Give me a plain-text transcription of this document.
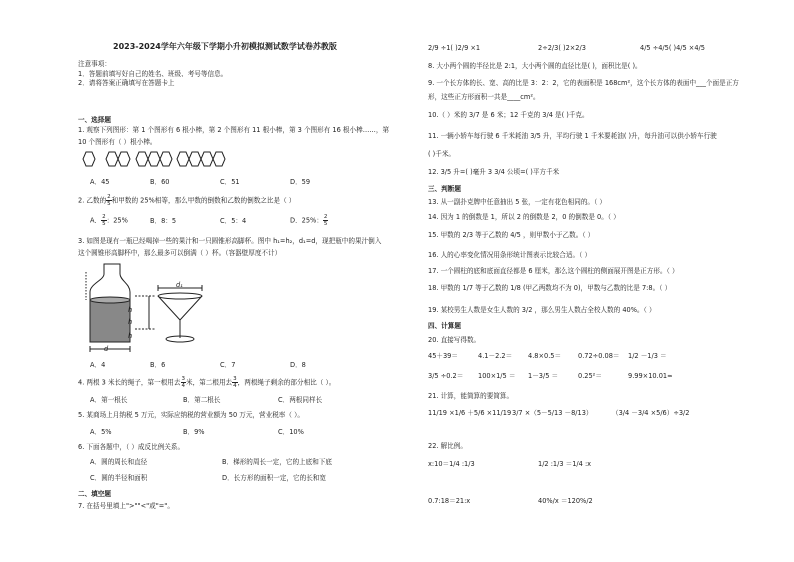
2023-2024学年六年级下学期小升初模拟测试数学试卷苏教版
注意事项：
1．答题前填写好自己的姓名、班级、考号等信息。
2．请将答案正确填写在答题卡上
一、选择题
1. 观察下列图形：第 1 个图形有 6 根小棒，第 2 个图形有 11 根小棒，第 3 个图形有 16 根小棒……，第
10 个图形有（ ）根小棒。
A．45	B．60	C．51	D．59
2. 乙数的 $\frac{2}{5}$ 和甲数的 25%相等，那么甲数的倒数和乙数的倒数之比是（ ）
A． $\frac{2}{5}$ ：25%	B．8：5	C．5：4	D．25%： $\frac{2}{5}$
3. 如图是现有一瓶已经喝掉一些的果汁和一只圆锥形高脚杯。图中 h₁=h₂，d₁=d，现把瓶中的果汁倒入
这个圆锥形高脚杯中，那么最多可以倒满（ ）杯。（容器壁厚度不计）
d
d₁
h
h
h
A．4	B．6	C．7	D．8
4. 两根 3 米长的绳子，第一根用去 $\frac{3}{4}$ 米，第二根用去 $\frac{3}{4}$ ，两根绳子剩余的部分相比（ ）。
A．第一根长	B．第二根长	C．两根同样长
5. 某商场上月纳税 5 万元，实际应纳税的营业额为 50 万元，营业税率（ ）。
A．5%	B．9%	C．10%
6. 下面各题中，（ ）成反比例关系。
A．圆的周长和直径	B．梯形的周长一定，它的上底和下底
C．圆的半径和面积	D．长方形的面积一定，它的长和宽
二、填空题
7. 在括号里填上">""<"或"="。
2/9 ÷1( )2/9 ×1	2÷2/3( )2×2/3	4/5 ÷4/5( )4/5 ×4/5
8. 大小两个圆的半径比是 2:1，大小两个圆的直径比是( )，面积比是( )。
9. 一个长方体的长、宽、高的比是 3：2：2，它的表面积是 168cm²，这个长方体的表面中___个面是正方
形，这些正方形面积一共是____cm²。
10.（ ）米的 3/7 是 6 米；12 千克的 3/4 是( )千克。
11. 一辆小轿车每行驶 6 千米耗油 3/5 升，平均行驶 1 千米要耗油( )升，每升油可以供小轿车行驶
( )千米。
12. 3/5 升=( )毫升 3 3/4 公顷=( )平方千米
三、判断题
13. 从一副扑克牌中任意抽出 5 张，一定有花色相同的。（ ）
14. 因为 1 的倒数是 1，所以 2 的倒数是 2，0 的倒数是 0。（ ）
15. 甲数的 2/3 等于乙数的 4/5 ，则甲数小于乙数。（ ）
16. 人的心率变化情况用条形统计图表示比较合适。（ ）
17. 一个圆柱的底和底面直径都是 6 厘米，那么这个圆柱的侧面展开图是正方形。（ ）
18. 甲数的 1/7 等于乙数的 1/8 (甲乙两数均不为 0)，甲数与乙数的比是 7:8。（ ）
19. 某校男生人数是女生人数的 3/2 ，那么男生人数占全校人数的 40%。（ ）
四、计算题
20. 直接写得数。
45＋39＝	4.1－2.2＝ 4.8×0.5＝	0.72÷0.08＝ 1/2 －1/3 ＝
3/5 ÷0.2＝ 100×1/5 ＝ 1－3/5 ＝	0.25²＝	9.99×10.01≈
21. 计算，能简算的要简算。
11/19 ×1/6 ＋5/6 ×11/19 3/7 ×（5－5/13 －8/13）	（3/4 －3/4 ×5/6）÷3/2
22. 解比例。
x:10＝1/4 :1/3	1/2 :1/3 ＝1/4 :x
0.7:18＝21:x	40%/x ＝120%/2
